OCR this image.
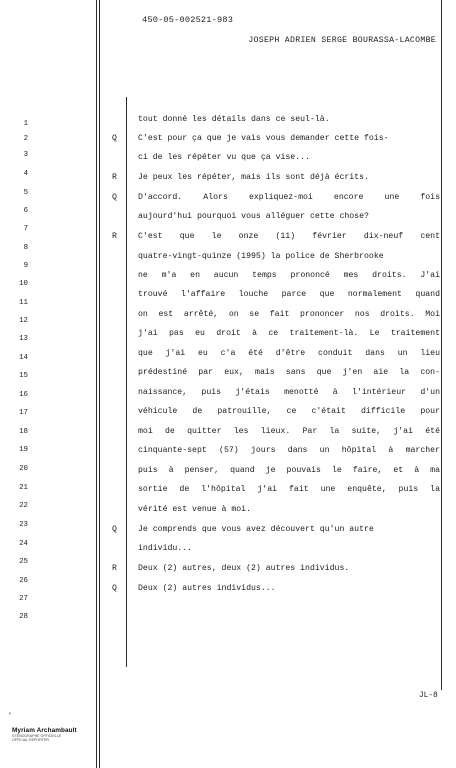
450-05-002521-983
JOSEPH ADRIEN SERGE BOURASSA-LACOMBE
1
2
3
4
5
6
7
8
9
10
11
12
13
14
15
16
17
18
19
20
21
22
23
24
25
26
27
28
tout donné les détails dans ce seul-là.
Q	C'est pour ça que je vais vous demander cette fois-
ci de les répéter vu que ça vise...
R	Je peux les répéter, mais ils sont déjà écrits.
Q	D'accord. Alors expliquez-moi encore une fois
aujourd'hui pourquoi vous alléguer cette chose?
R	C'est que le onze (11) février dix-neuf cent
quatre-vingt-quinze (1995) la police de Sherbrooke
ne m'a en aucun temps prononcé mes droits. J'ai
trouvé l'affaire louche parce que normalement quand
on est arrêté, on se fait prononcer nos droits. Moi
j'ai pas eu droit à ce traitement-là. Le traitement
que j'ai eu c'a été d'être conduit dans un lieu
prédestiné par eux, mais sans que j'en aie la con-
naissance, puis j'étais menotté à l'intérieur d'un
véhicule de patrouille, ce c'était difficile pour
moi de quitter les lieux. Par la suite, j'ai été
cinquante-sept (57) jours dans un hôpital à marcher
puis à penser, quand je pouvais le faire, et à ma
sortie de l'hôpital j'ai fait une enquête, puis la
vérité est venue à moi.
Q	Je comprends que vous avez découvert qu'un autre
individu...
R	Deux (2) autres, deux (2) autres individus.
Q	Deux (2) autres individus...
JL-8
❜
Myriam Archambault
STÉNOGRAPHE OFFICIELLE
OFFICIAL REPORTER
